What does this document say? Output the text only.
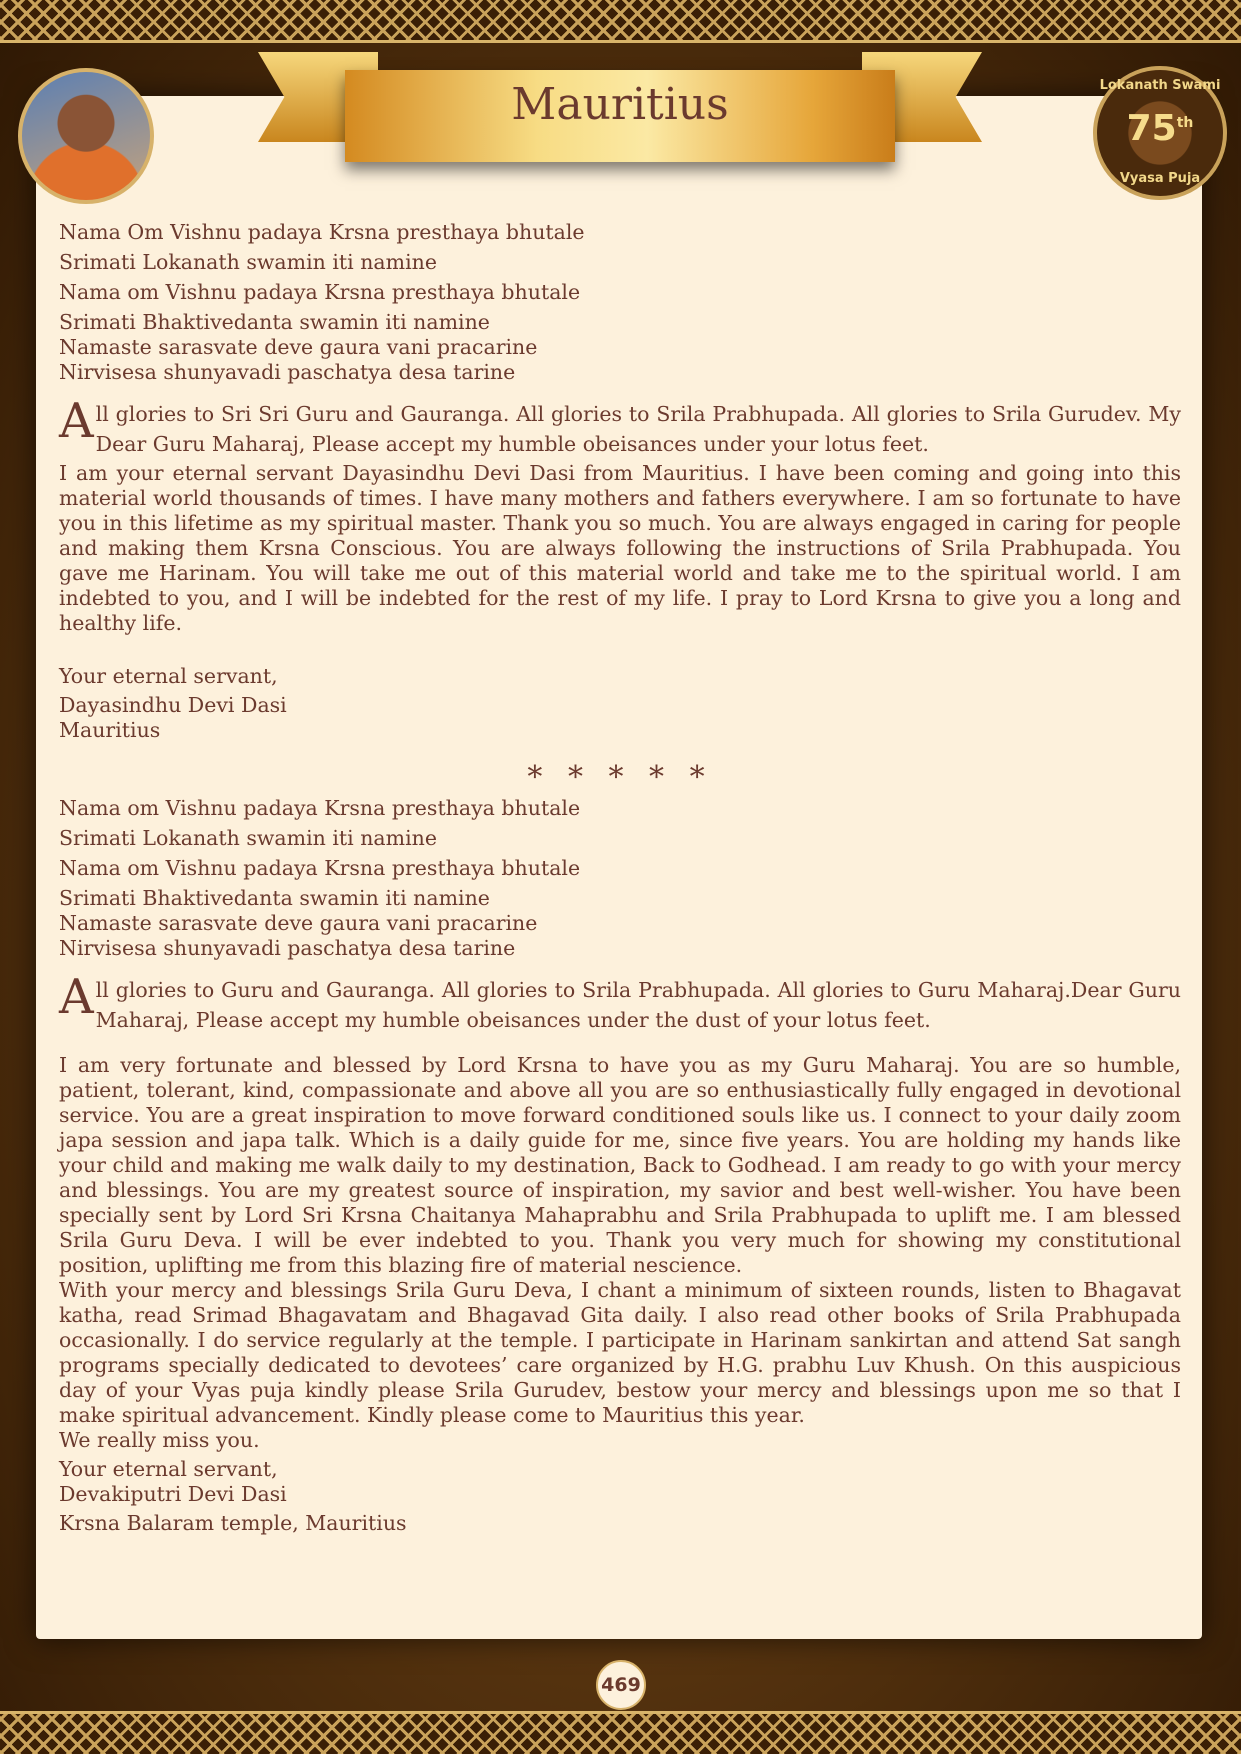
Mauritius	Lokanath Swami
75th
Vyasa Puja

Nama Om Vishnu padaya Krsna presthaya bhutale

Srimati Lokanath swamin iti namine

Nama om Vishnu padaya Krsna presthaya bhutale

Srimati Bhaktivedanta swamin iti namine

Namaste sarasvate deve gaura vani pracarine

Nirvisesa shunyavadi paschatya desa tarine

All glories to Sri Sri Guru and Gauranga. All glories to Srila Prabhupada. All glories to Srila Gurudev. My Dear Guru Maharaj, Please accept my humble obeisances under your lotus feet.

I am your eternal servant Dayasindhu Devi Dasi from Mauritius. I have been coming and going into this material world thousands of times. I have many mothers and fathers everywhere. I am so fortunate to have you in this lifetime as my spiritual master. Thank you so much. You are always engaged in caring for people and making them Krsna Conscious. You are always following the instructions of Srila Prabhupada. You gave me Harinam. You will take me out of this material world and take me to the spiritual world. I am indebted to you, and I will be indebted for the rest of my life. I pray to Lord Krsna to give you a long and healthy life.

Your eternal servant,

Dayasindhu Devi Dasi

Mauritius

* * * * *

Nama om Vishnu padaya Krsna presthaya bhutale

Srimati Lokanath swamin iti namine

Nama om Vishnu padaya Krsna presthaya bhutale

Srimati Bhaktivedanta swamin iti namine

Namaste sarasvate deve gaura vani pracarine

Nirvisesa shunyavadi paschatya desa tarine

All glories to Guru and Gauranga. All glories to Srila Prabhupada. All glories to Guru Maharaj.Dear Guru Maharaj, Please accept my humble obeisances under the dust of your lotus feet.

I am very fortunate and blessed by Lord Krsna to have you as my Guru Maharaj. You are so humble, patient, tolerant, kind, compassionate and above all you are so enthusiastically fully engaged in devotional service. You are a great inspiration to move forward conditioned souls like us. I connect to your daily zoom japa session and japa talk. Which is a daily guide for me, since five years. You are holding my hands like your child and making me walk daily to my destination, Back to Godhead. I am ready to go with your mercy and blessings. You are my greatest source of inspiration, my savior and best well-wisher. You have been specially sent by Lord Sri Krsna Chaitanya Mahaprabhu and Srila Prabhupada to uplift me. I am blessed Srila Guru Deva. I will be ever indebted to you. Thank you very much for showing my constitutional position, uplifting me from this blazing fire of material nescience.

With your mercy and blessings Srila Guru Deva, I chant a minimum of sixteen rounds, listen to Bhagavat katha, read Srimad Bhagavatam and Bhagavad Gita daily. I also read other books of Srila Prabhupada occasionally. I do service regularly at the temple. I participate in Harinam sankirtan and attend Sat sangh programs specially dedicated to devotees’ care organized by H.G. prabhu Luv Khush. On this auspicious day of your Vyas puja kindly please Srila Gurudev, bestow your mercy and blessings upon me so that I make spiritual advancement. Kindly please come to Mauritius this year.

We really miss you.

Your eternal servant,

Devakiputri Devi Dasi

Krsna Balaram temple, Mauritius

469
